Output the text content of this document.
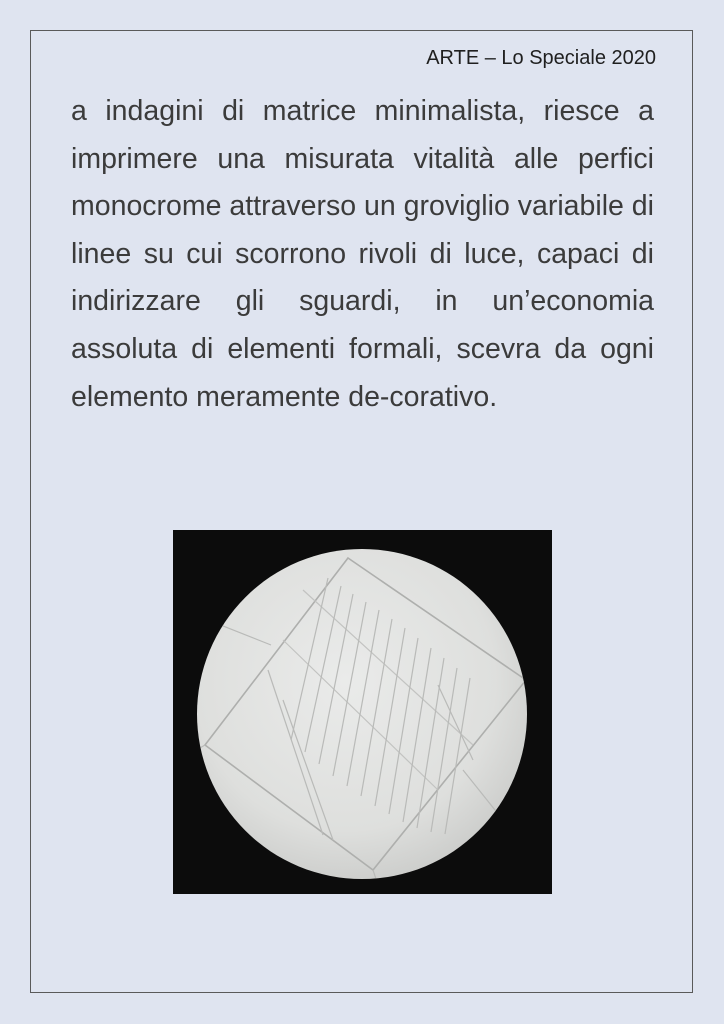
ARTE – Lo Speciale 2020

a indagini di matrice minimalista, riesce a imprimere una misurata vitalità alle perfici monocrome attraverso un groviglio variabile di linee su cui scorrono rivoli di luce, capaci di indirizzare gli sguardi, in un’economia assoluta di elementi formali, scevra da ogni elemento meramente de-corativo.
